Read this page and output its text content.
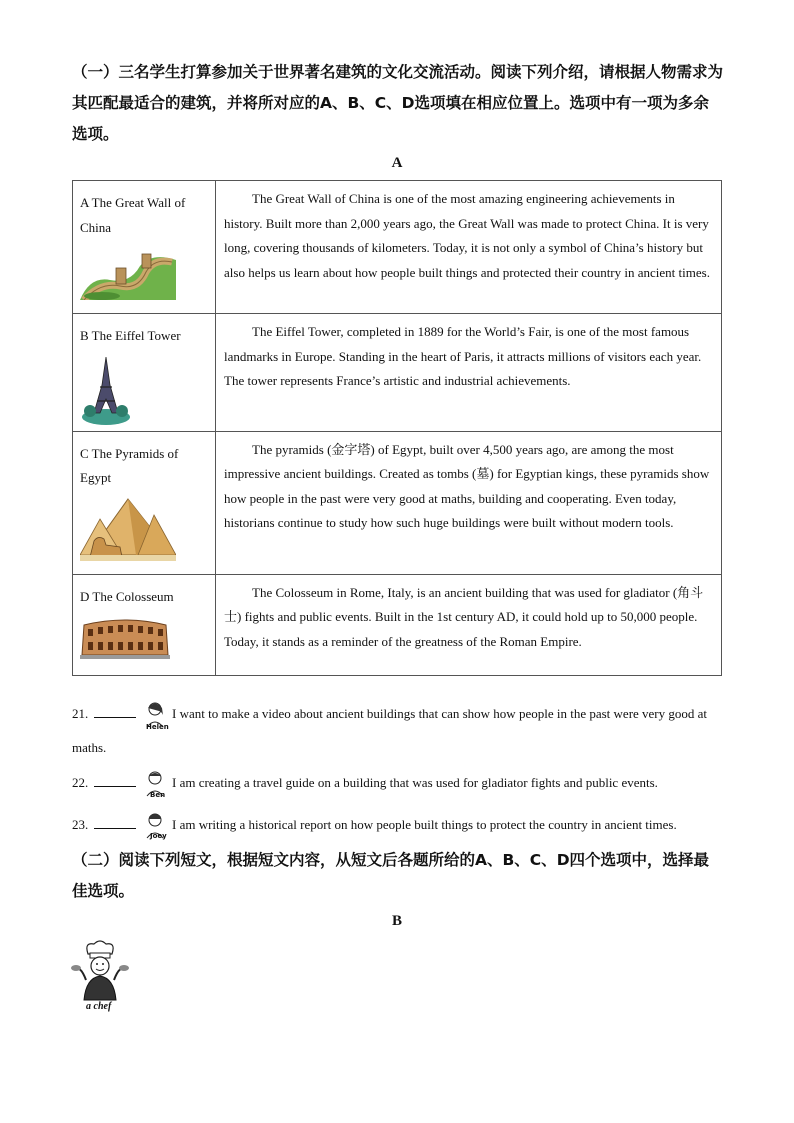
（一）三名学生打算参加关于世界著名建筑的文化交流活动。阅读下列介绍，请根据人物需求为其匹配最适合的建筑，并将所对应的A、B、C、D选项填在相应位置上。选项中有一项为多余选项。
A
A The Great Wall of China	The Great Wall of China is one of the most amazing engineering achievements in history. Built more than 2,000 years ago, the Great Wall was made to protect China. It is very long, covering thousands of kilometers. Today, it is not only a symbol of China’s history but also helps us learn about how people built things and protected their country in ancient times.

B The Eiffel Tower	The Eiffel Tower, completed in 1889 for the World’s Fair, is one of the most famous landmarks in Europe. Standing in the heart of Paris, it attracts millions of visitors each year. The tower represents France’s artistic and industrial achievements.

C The Pyramids of Egypt	The pyramids (金字塔) of Egypt, built over 4,500 years ago, are among the most impressive ancient buildings. Created as tombs (墓) for Egyptian kings, these pyramids show how people in the past were very good at maths, building and cooperating. Even today, historians continue to study how such huge buildings were built without modern tools.

D The Colosseum	The Colosseum in Rome, Italy, is an ancient building that was used for gladiator (角斗士) fights and public events. Built in the 1st century AD, it could hold up to 50,000 people. Today, it stands as a reminder of the greatness of the Roman Empire.
21.	I want to make a video about ancient buildings that can show how people in the past were very good at maths.
Helen
22.	I am creating a travel guide on a building that was used for gladiator fights and public events.
Ben
23.	I am writing a historical report on how people built things to protect the country in ancient times.
Joey
（二）阅读下列短文，根据短文内容，从短文后各题所给的A、B、C、D四个选项中，选择最佳选项。
B
a chef
